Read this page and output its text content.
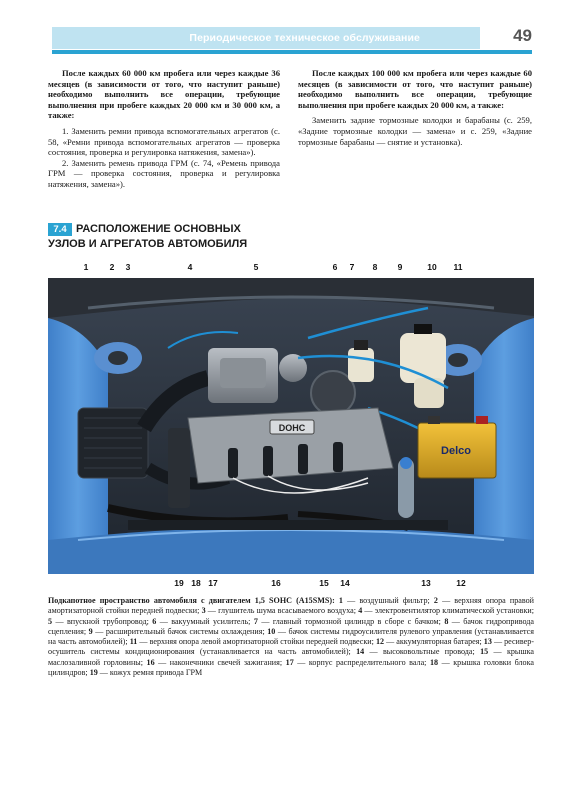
Периодическое техническое обслуживание	49

После каждых 60 000 км пробега или через каждые 36 месяцев (в зависимости от того, что наступит раньше) необходимо выполнить все операции, требующие выполнения при пробеге каждых 20 000 км и 30 000 км, а также:

1. Заменить ремни привода вспомогательных агрегатов (с. 58, «Ремни привода вспомогательных агрегатов — проверка состояния, проверка и регулировка натяжения, замена»).

2. Заменить ремень привода ГРМ (с. 74, «Ремень привода ГРМ — проверка состояния, проверка и регулировка натяжения, замена»).

После каждых 100 000 км пробега или через каждые 60 месяцев (в зависимости от того, что наступит раньше) необходимо выполнить все операции, требующие выполнения при пробеге каждых 20 000 км, а также:

Заменить задние тормозные колодки и барабаны (с. 259, «Задние тормозные колодки — замена» и с. 259, «Задние тормозные барабаны — снятие и установка).

7.4 РАСПОЛОЖЕНИЕ ОСНОВНЫХ
УЗЛОВ И АГРЕГАТОВ АВТОМОБИЛЯ
1	2 3	4	5	6 7 8 9	10 11
DOHC
Delco
19 18 17	16	15 14	13	12
Подкапотное пространство автомобиля с двигателем 1,5 SOHC (A15SMS): 1 — воздушный фильтр; 2 — верхняя опора правой амортизаторной стойки передней подвески; 3 — глушитель шума всасываемого воздуха; 4 — электровентилятор климатической установки; 5 — впускной трубопровод; 6 — вакуумный усилитель; 7 — главный тормозной цилиндр в сборе с бачком; 8 — бачок гидропривода сцепления; 9 — расширительный бачок системы охлаждения; 10 — бачок системы гидроусилителя рулевого управления (устанавливается на часть автомобилей); 11 — верхняя опора левой амортизаторной стойки передней подвески; 12 — аккумуляторная батарея; 13 — ресивер-осушитель системы кондиционирования (устанавливается на часть автомобилей); 14 — высоковольтные провода; 15 — крышка маслозаливной горловины; 16 — наконечники свечей зажигания; 17 — корпус распределительного вала; 18 — крышка головки блока цилиндров; 19 — кожух ремня привода ГРМ
